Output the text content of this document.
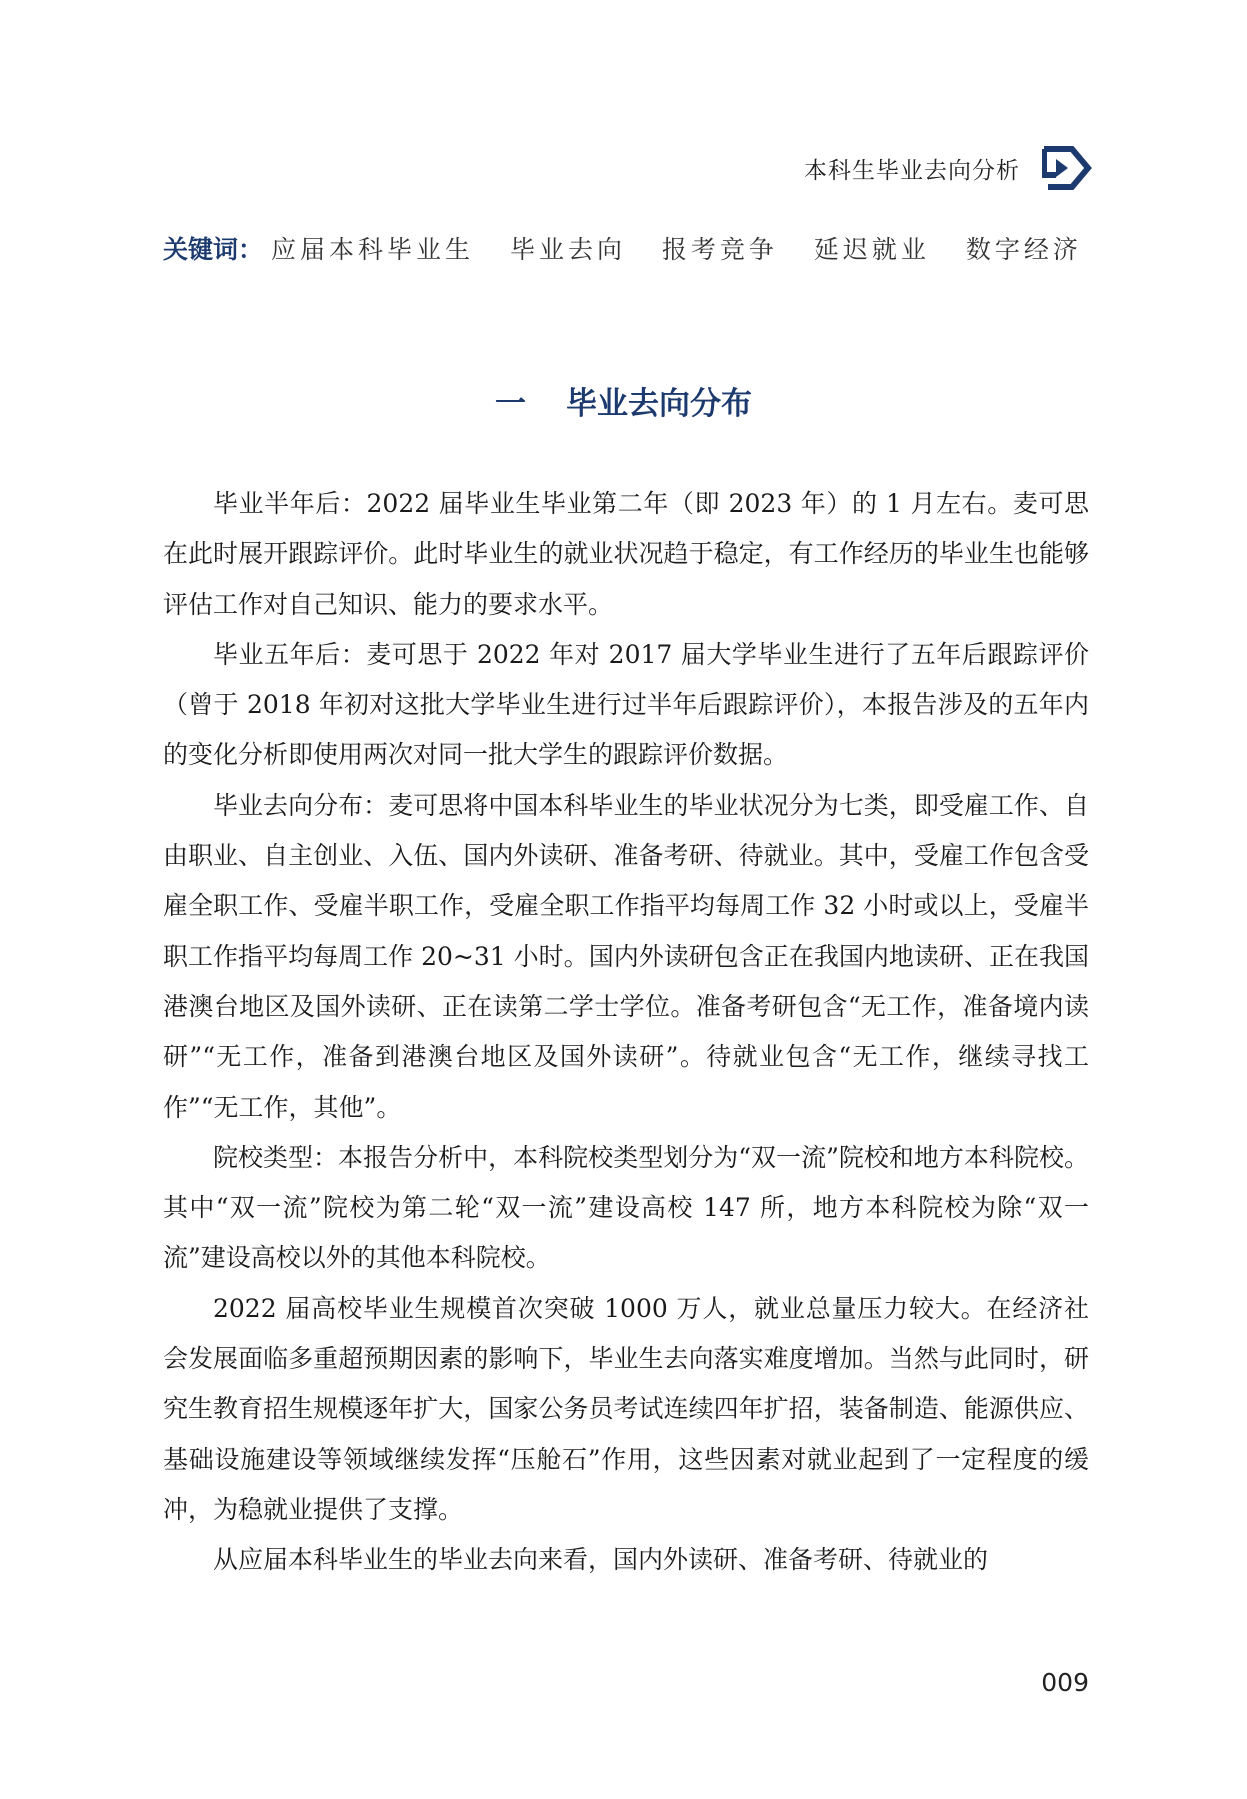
本科生毕业去向分析
关键词： 应届本科毕业生 毕业去向 报考竞争 延迟就业 数字经济
一 毕业去向分布

毕业半年后：2022 届毕业生毕业第二年（即 2023 年）的 1 月左右。麦可思在此时展开跟踪评价。此时毕业生的就业状况趋于稳定，有工作经历的毕业生也能够评估工作对自己知识、能力的要求水平。

毕业五年后：麦可思于 2022 年对 2017 届大学毕业生进行了五年后跟踪评价（曾于 2018 年初对这批大学毕业生进行过半年后跟踪评价），本报告涉及的五年内的变化分析即使用两次对同一批大学生的跟踪评价数据。

毕业去向分布：麦可思将中国本科毕业生的毕业状况分为七类，即受雇工作、自由职业、自主创业、入伍、国内外读研、准备考研、待就业。其中，受雇工作包含受雇全职工作、受雇半职工作，受雇全职工作指平均每周工作 32 小时或以上，受雇半职工作指平均每周工作 20~31 小时。国内外读研包含正在我国内地读研、正在我国港澳台地区及国外读研、正在读第二学士学位。准备考研包含“无工作，准备境内读研”“无工作，准备到港澳台地区及国外读研”。待就业包含“无工作，继续寻找工作”“无工作，其他”。

院校类型：本报告分析中，本科院校类型划分为“双一流”院校和地方本科院校。其中“双一流”院校为第二轮“双一流”建设高校 147 所，地方本科院校为除“双一流”建设高校以外的其他本科院校。

2022 届高校毕业生规模首次突破 1000 万人，就业总量压力较大。在经济社会发展面临多重超预期因素的影响下，毕业生去向落实难度增加。当然与此同时，研究生教育招生规模逐年扩大，国家公务员考试连续四年扩招，装备制造、能源供应、基础设施建设等领域继续发挥“压舱石”作用，这些因素对就业起到了一定程度的缓冲，为稳就业提供了支撑。

从应届本科毕业生的毕业去向来看，国内外读研、准备考研、待就业的

009
